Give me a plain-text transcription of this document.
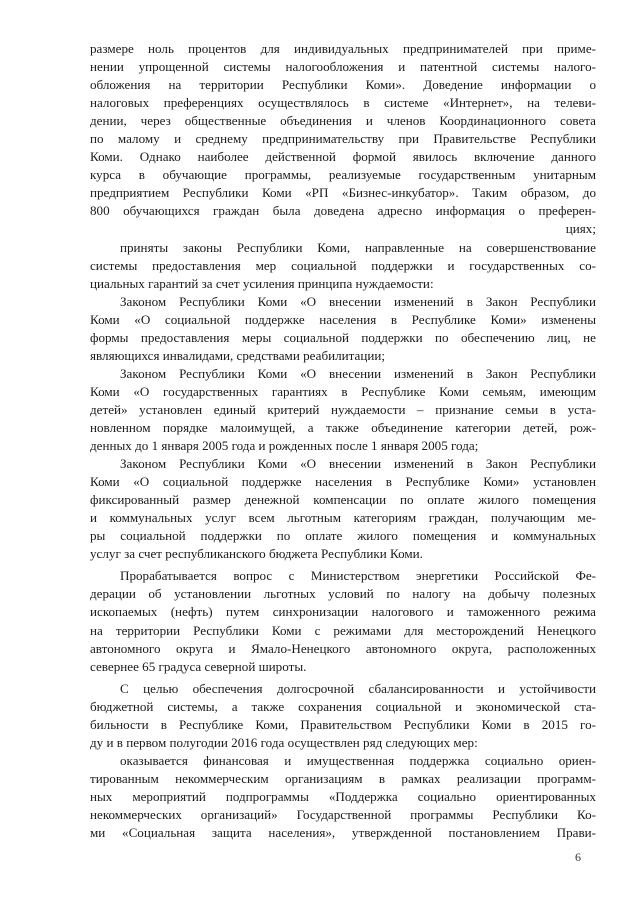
размере ноль процентов для индивидуальных предпринимателей при приме-
нении упрощенной системы налогообложения и патентной системы налого-
обложения на территории Республики Коми». Доведение информации о
налоговых преференциях осуществлялось в системе «Интернет», на телеви-
дении, через общественные объединения и членов Координационного совета
по малому и среднему предпринимательству при Правительстве Республики
Коми. Однако наиболее действенной формой явилось включение данного
курса в обучающие программы, реализуемые государственным унитарным
предприятием Республики Коми «РП «Бизнес-инкубатор». Таким образом, до
800 обучающихся граждан была доведена адресно информация о преферен-
циях;
приняты законы Республики Коми, направленные на совершенствование
системы предоставления мер социальной поддержки и государственных со-
циальных гарантий за счет усиления принципа нуждаемости:
Законом Республики Коми «О внесении изменений в Закон Республики
Коми «О социальной поддержке населения в Республике Коми» изменены
формы предоставления меры социальной поддержки по обеспечению лиц, не
являющихся инвалидами, средствами реабилитации;
Законом Республики Коми «О внесении изменений в Закон Республики
Коми «О государственных гарантиях в Республике Коми семьям, имеющим
детей» установлен единый критерий нуждаемости – признание семьи в уста-
новленном порядке малоимущей, а также объединение категории детей, рож-
денных до 1 января 2005 года и рожденных после 1 января 2005 года;
Законом Республики Коми «О внесении изменений в Закон Республики
Коми «О социальной поддержке населения в Республике Коми» установлен
фиксированный размер денежной компенсации по оплате жилого помещения
и коммунальных услуг всем льготным категориям граждан, получающим ме-
ры социальной поддержки по оплате жилого помещения и коммунальных
услуг за счет республиканского бюджета Республики Коми.
Прорабатывается вопрос с Министерством энергетики Российской Фе-
дерации об установлении льготных условий по налогу на добычу полезных
ископаемых (нефть) путем синхронизации налогового и таможенного режима
на территории Республики Коми с режимами для месторождений Ненецкого
автономного округа и Ямало-Ненецкого автономного округа, расположенных
севернее 65 градуса северной широты.
С целью обеспечения долгосрочной сбалансированности и устойчивости
бюджетной системы, а также сохранения социальной и экономической ста-
бильности в Республике Коми, Правительством Республики Коми в 2015 го-
ду и в первом полугодии 2016 года осуществлен ряд следующих мер:
оказывается финансовая и имущественная поддержка социально ориен-
тированным некоммерческим организациям в рамках реализации программ-
ных мероприятий подпрограммы «Поддержка социально ориентированных
некоммерческих организаций» Государственной программы Республики Ко-
ми «Социальная защита населения», утвержденной постановлением Прави-
6
